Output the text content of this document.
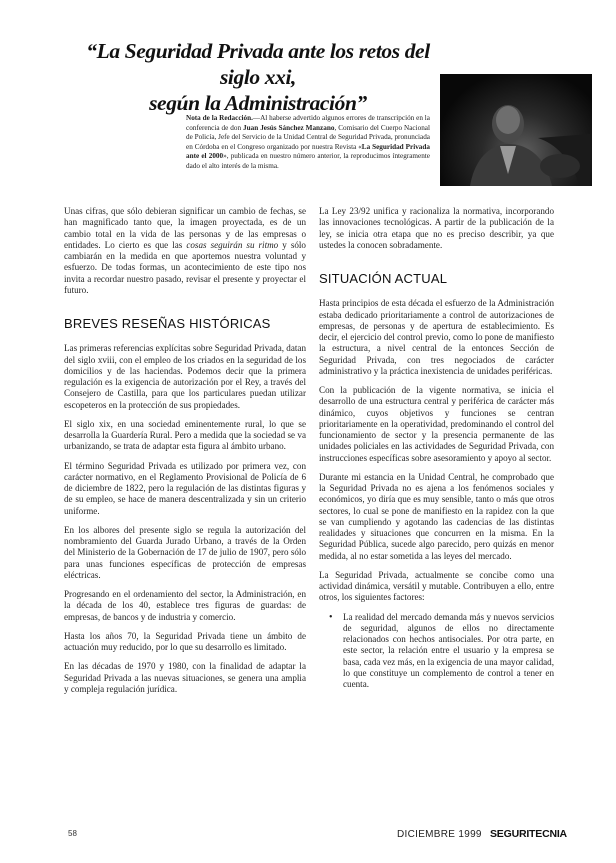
“La Seguridad Privada ante los retos del siglo xxi,
según la Administración”
Nota de la Redacción.—Al haberse advertido algunos errores de transcripción en la conferencia de don Juan Jesús Sánchez Manzano, Comisario del Cuerpo Nacional de Policía, Jefe del Servicio de la Unidad Central de Seguridad Privada, pronunciada en Córdoba en el Congreso organizado por nuestra Revista «La Seguridad Privada ante el 2000», publicada en nuestro número anterior, la reproducimos íntegramente dado el alto interés de la misma.

Unas cifras, que sólo debieran significar un cambio de fechas, se han magnificado tanto que, la imagen proyectada, es de un cambio total en la vida de las personas y de las empresas o entidades. Lo cierto es que las cosas seguirán su ritmo y sólo cambiarán en la medida en que aportemos nuestra voluntad y esfuerzo. De todas formas, un acontecimiento de este tipo nos invita a recordar nuestro pasado, revisar el presente y proyectar el futuro.

BREVES RESEÑAS HISTÓRICAS

Las primeras referencias explícitas sobre Seguridad Privada, datan del siglo xviii, con el empleo de los criados en la seguridad de los domicilios y de las haciendas. Podemos decir que la primera regulación es la exigencia de autorización por el Rey, a través del Consejero de Castilla, para que los particulares puedan utilizar escopeteros en la protección de sus propiedades.

El siglo xix, en una sociedad eminentemente rural, lo que se desarrolla la Guardería Rural. Pero a medida que la sociedad se va urbanizando, se trata de adaptar esta figura al ámbito urbano.

El término Seguridad Privada es utilizado por primera vez, con carácter normativo, en el Reglamento Provisional de Policía de 6 de diciembre de 1822, pero la regulación de las distintas figuras y de su empleo, se hace de manera descentralizada y sin un criterio uniforme.

En los albores del presente siglo se regula la autorización del nombramiento del Guarda Jurado Urbano, a través de la Orden del Ministerio de la Gobernación de 17 de julio de 1907, pero sólo para unas funciones específicas de protección de empresas eléctricas.

Progresando en el ordenamiento del sector, la Administración, en la década de los 40, establece tres figuras de guardas: de empresas, de bancos y de industria y comercio.

Hasta los años 70, la Seguridad Privada tiene un ámbito de actuación muy reducido, por lo que su desarrollo es limitado.

En las décadas de 1970 y 1980, con la finalidad de adaptar la Seguridad Privada a las nuevas situaciones, se genera una amplia y compleja regulación jurídica.

La Ley 23/92 unifica y racionaliza la normativa, incorporando las innovaciones tecnológicas. A partir de la publicación de la ley, se inicia otra etapa que no es preciso describir, ya que ustedes la conocen sobradamente.

SITUACIÓN ACTUAL

Hasta principios de esta década el esfuerzo de la Administración estaba dedicado prioritariamente a control de autorizaciones de empresas, de personas y de apertura de establecimiento. Es decir, el ejercicio del control previo, como lo pone de manifiesto la estructura, a nivel central de la entonces Sección de Seguridad Privada, con tres negociados de carácter administrativo y la práctica inexistencia de unidades periféricas.

Con la publicación de la vigente normativa, se inicia el desarrollo de una estructura central y periférica de carácter más dinámico, cuyos objetivos y funciones se centran prioritariamente en la operatividad, predominando el control del funcionamiento de sector y la presencia permanente de las unidades policiales en las actividades de Seguridad Privada, con instrucciones específicas sobre asesoramiento y apoyo al sector.

Durante mi estancia en la Unidad Central, he comprobado que la Seguridad Privada no es ajena a los fenómenos sociales y económicos, yo diría que es muy sensible, tanto o más que otros sectores, lo cual se pone de manifiesto en la rapidez con la que se van cumpliendo y agotando las cadencias de las distintas realidades y situaciones que concurren en la misma. En la Seguridad Pública, sucede algo parecido, pero quizás en menor medida, al no estar sometida a las leyes del mercado.

La Seguridad Privada, actualmente se concibe como una actividad dinámica, versátil y mutable. Contribuyen a ello, entre otros, los siguientes factores:

•	La realidad del mercado demanda más y nuevos servicios de seguridad, algunos de ellos no directamente relacionados con hechos antisociales. Por otra parte, en este sector, la relación entre el usuario y la empresa se basa, cada vez más, en la exigencia de una mayor calidad, lo que constituye un complemento de control a tener en cuenta.
58	DICIEMBRE 1999 SEGURITECNIA
